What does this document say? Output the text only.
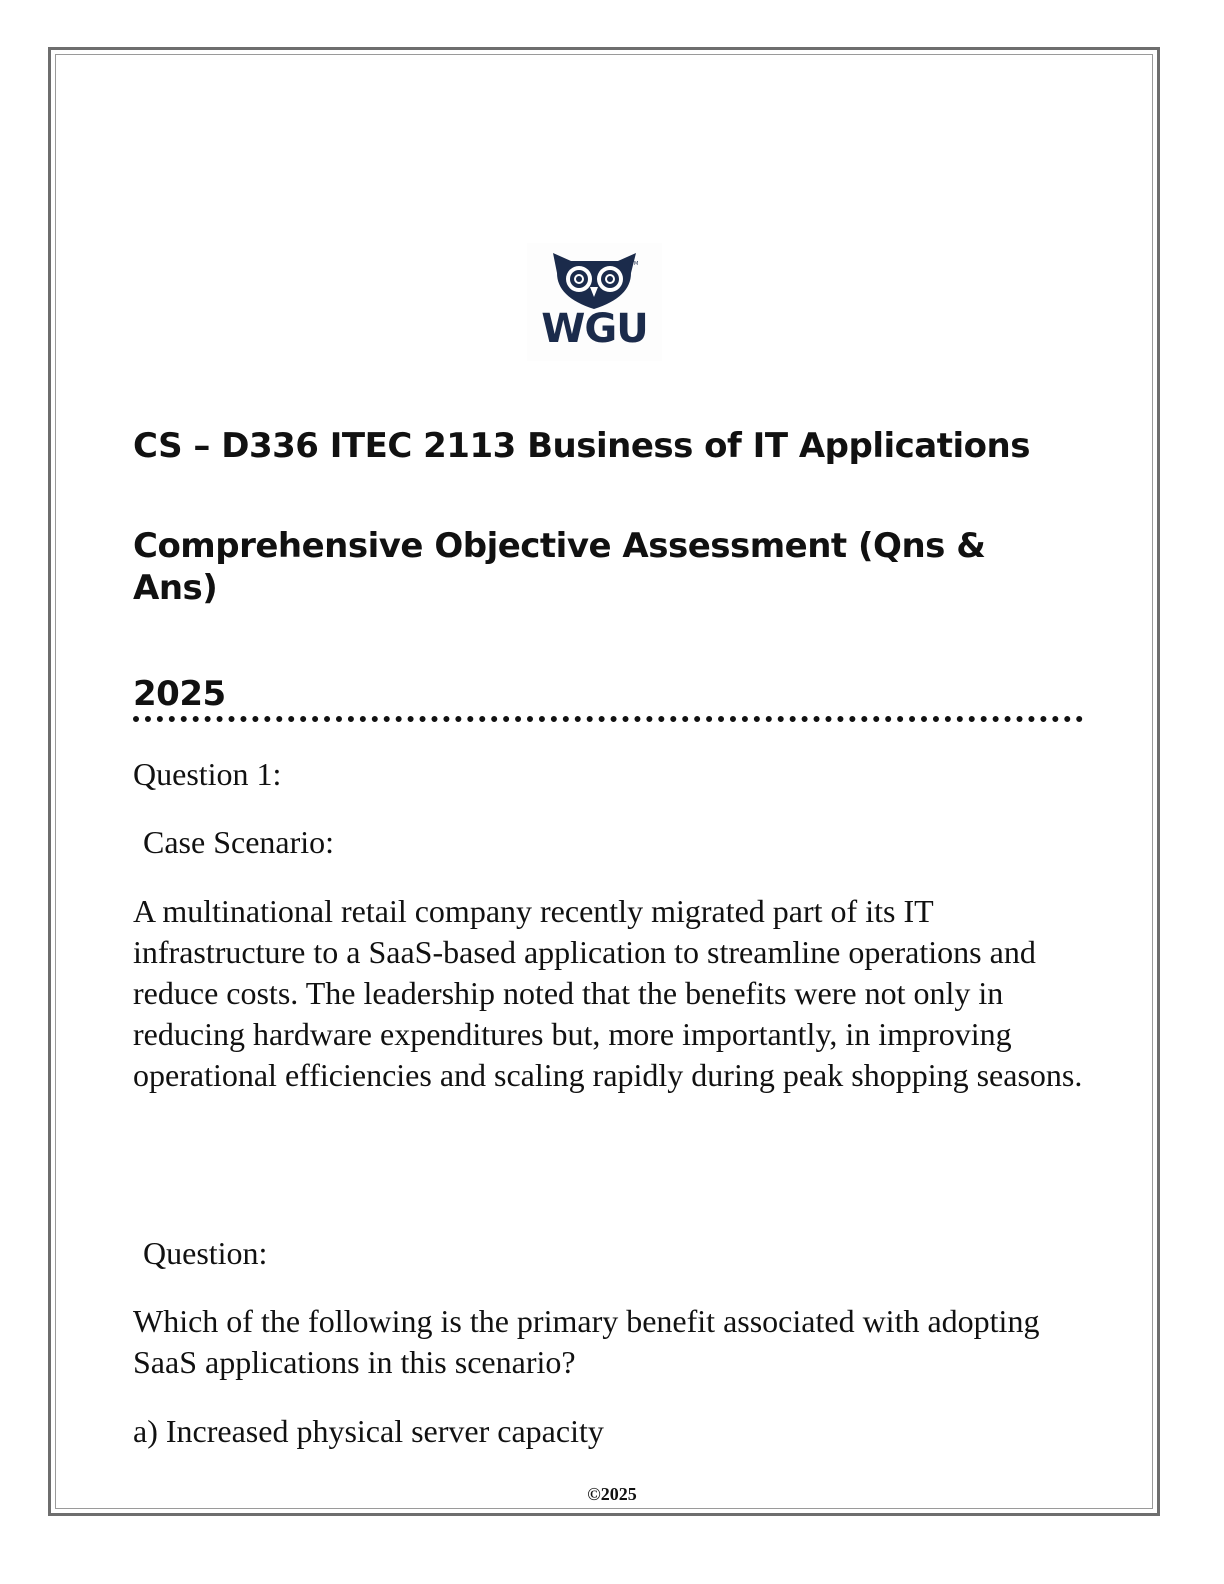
TM
WGU
CS – D336 ITEC 2113 Business of IT Applications
Comprehensive Objective Assessment (Qns & Ans)
2025

Question 1:

Case Scenario:

A multinational retail company recently migrated part of its IT infrastructure to a SaaS-based application to streamline operations and reduce costs. The leadership noted that the benefits were not only in reducing hardware expenditures but, more importantly, in improving operational efficiencies and scaling rapidly during peak shopping seasons.

Question:

Which of the following is the primary benefit associated with adopting SaaS applications in this scenario?

a) Increased physical server capacity

©2025
